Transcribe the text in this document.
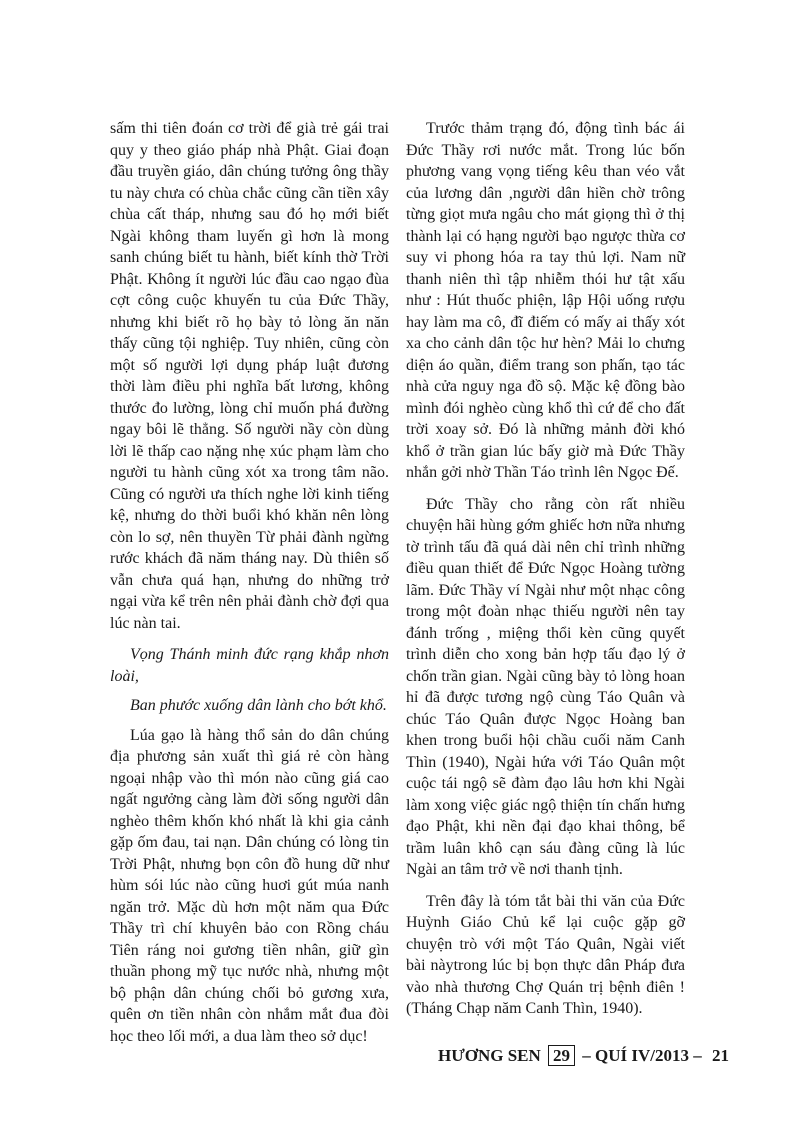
sấm thi tiên đoán cơ trời để già trẻ gái trai quy y theo giáo pháp nhà Phật. Giai đoạn đầu truyền giáo, dân chúng tưởng ông thầy tu này chưa có chùa chắc cũng cần tiền xây chùa cất tháp, nhưng sau đó họ mới biết Ngài không tham luyến gì hơn là mong sanh chúng biết tu hành, biết kính thờ Trời Phật. Không ít người lúc đầu cao ngạo đùa cợt công cuộc khuyến tu của Đức Thầy, nhưng khi biết rõ họ bày tỏ lòng ăn năn thấy cũng tội nghiệp. Tuy nhiên, cũng còn một số người lợi dụng pháp luật đương thời làm điều phi nghĩa bất lương, không thước đo lường, lòng chỉ muốn phá đường ngay bôi lẽ thẳng. Số người nầy còn dùng lời lẽ thấp cao nặng nhẹ xúc phạm làm cho người tu hành cũng xót xa trong tâm não. Cũng có người ưa thích nghe lời kinh tiếng kệ, nhưng do thời buổi khó khăn nên lòng còn lo sợ, nên thuyền Từ phải đành ngừng rước khách đã năm tháng nay. Dù thiên số vẫn chưa quá hạn, nhưng do những trở ngại vừa kể trên nên phải đành chờ đợi qua lúc nàn tai.

Vọng Thánh minh đức rạng khắp nhơn loài,

Ban phước xuống dân lành cho bớt khổ.

Lúa gạo là hàng thổ sản do dân chúng địa phương sản xuất thì giá rẻ còn hàng ngoại nhập vào thì món nào cũng giá cao ngất ngưởng càng làm đời sống người dân nghèo thêm khốn khó nhất là khi gia cảnh gặp ốm đau, tai nạn. Dân chúng có lòng tin Trời Phật, nhưng bọn côn đồ hung dữ như hùm sói lúc nào cũng huơi gút múa nanh ngăn trở. Mặc dù hơn một năm qua Đức Thầy trì chí khuyên bảo con Rồng cháu Tiên ráng noi gương tiền nhân, giữ gìn thuần phong mỹ tục nước nhà, nhưng một bộ phận dân chúng chối bỏ gương xưa, quên ơn tiền nhân còn nhắm mắt đua đòi học theo lối mới, a dua làm theo sở dục!

Trước thảm trạng đó, động tình bác ái Đức Thầy rơi nước mắt. Trong lúc bốn phương vang vọng tiếng kêu than véo vắt của lương dân ,người dân hiền chờ trông từng giọt mưa ngâu cho mát giọng thì ở thị thành lại có hạng người bạo ngược thừa cơ suy vi phong hóa ra tay thủ lợi. Nam nữ thanh niên thì tập nhiễm thói hư tật xấu như : Hút thuốc phiện, lập Hội uống rượu hay làm ma cô, đĩ điếm có mấy ai thấy xót xa cho cảnh dân tộc hư hèn? Mải lo chưng diện áo quần, điểm trang son phấn, tạo tác nhà cửa nguy nga đồ sộ. Mặc kệ đồng bào mình đói nghèo cùng khổ thì cứ để cho đất trời xoay sở. Đó là những mảnh đời khó khổ ở trần gian lúc bấy giờ mà Đức Thầy nhắn gởi nhờ Thần Táo trình lên Ngọc Đế.

Đức Thầy cho rằng còn rất nhiều chuyện hãi hùng gớm ghiếc hơn nữa nhưng tờ trình tấu đã quá dài nên chỉ trình những điều quan thiết để Đức Ngọc Hoàng tường lãm. Đức Thầy ví Ngài như một nhạc công trong một đoàn nhạc thiếu người nên tay đánh trống , miệng thổi kèn cũng quyết trình diễn cho xong bản hợp tấu đạo lý ở chốn trần gian. Ngài cũng bày tỏ lòng hoan hỉ đã được tương ngộ cùng Táo Quân và chúc Táo Quân được Ngọc Hoàng ban khen trong buổi hội chầu cuối năm Canh Thìn (1940), Ngài hứa với Táo Quân một cuộc tái ngộ sẽ đàm đạo lâu hơn khi Ngài làm xong việc giác ngộ thiện tín chấn hưng đạo Phật, khi nền đại đạo khai thông, bể trầm luân khô cạn sáu đàng cũng là lúc Ngài an tâm trở về nơi thanh tịnh.

Trên đây là tóm tắt bài thi văn của Đức Huỳnh Giáo Chủ kể lại cuộc gặp gỡ chuyện trò với một Táo Quân, Ngài viết bài nàytrong lúc bị bọn thực dân Pháp đưa vào nhà thương Chợ Quán trị bệnh điên ! (Tháng Chạp năm Canh Thìn, 1940).

HƯƠNG SEN 29 – QUÍ IV/2013 – 21
